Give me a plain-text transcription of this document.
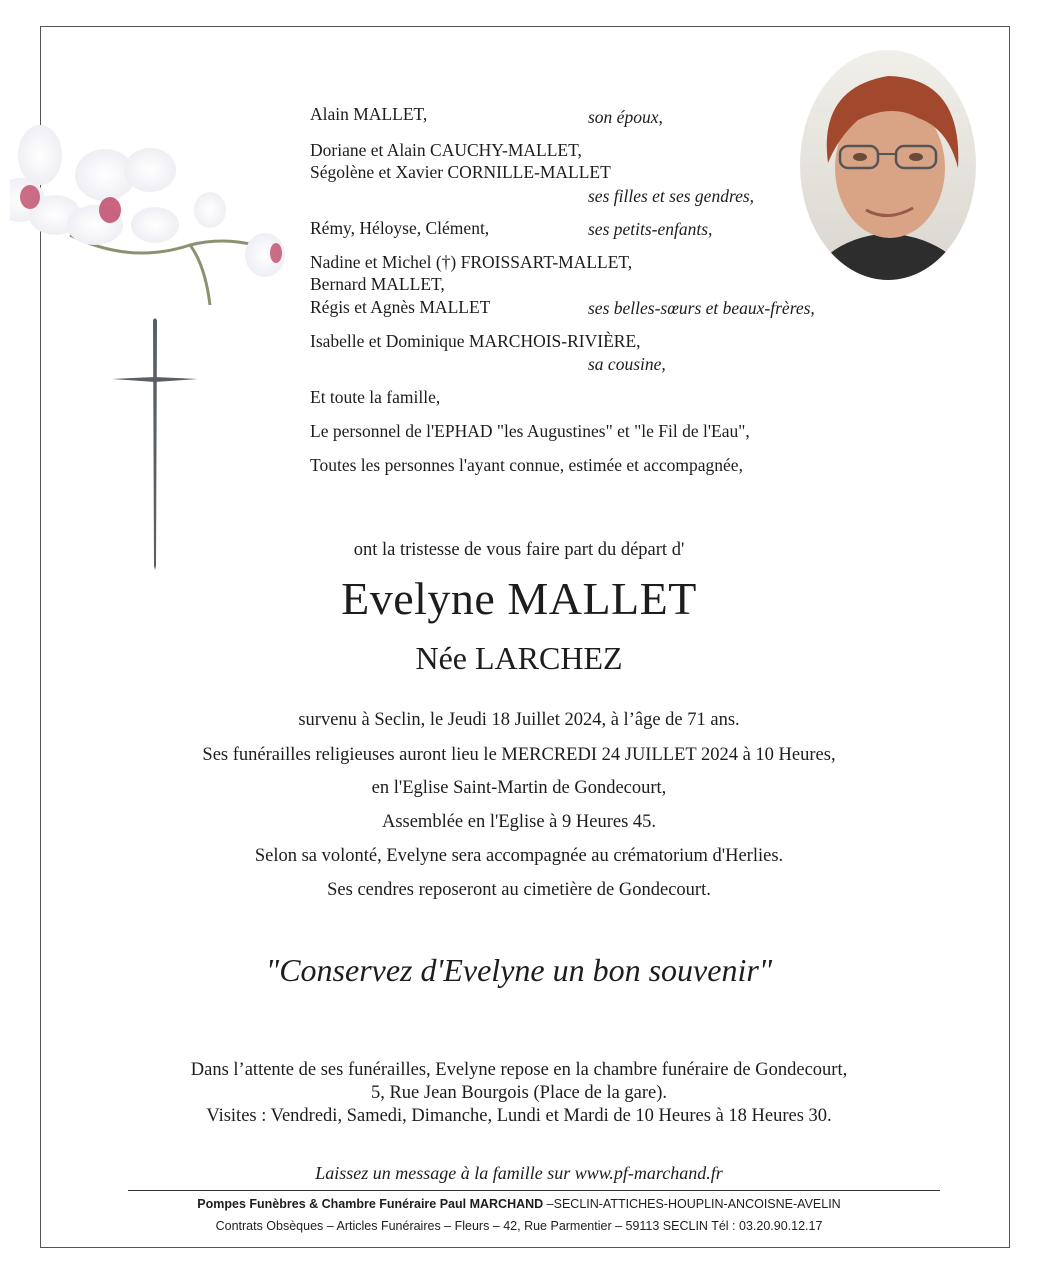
Alain MALLET,	son époux,
Doriane et Alain CAUCHY-MALLET,
Ségolène et Xavier CORNILLE-MALLET
ses filles et ses gendres,
Rémy, Héloyse, Clément,	ses petits-enfants,
Nadine et Michel (†) FROISSART-MALLET,
Bernard MALLET,
Régis et Agnès MALLET	ses belles-sœurs et beaux-frères,
Isabelle et Dominique MARCHOIS-RIVIÈRE,
sa cousine,
Et toute la famille,
Le personnel de l'EPHAD "les Augustines" et "le Fil de l'Eau",
Toutes les personnes l'ayant connue, estimée et accompagnée,
ont la tristesse de vous faire part du départ d'
Evelyne MALLET
Née LARCHEZ
survenu à Seclin, le Jeudi 18 Juillet 2024, à l’âge de 71 ans.
Ses funérailles religieuses auront lieu le MERCREDI 24 JUILLET 2024 à 10 Heures,
en l'Eglise Saint-Martin de Gondecourt,
Assemblée en l'Eglise à 9 Heures 45.
Selon sa volonté, Evelyne sera accompagnée au crématorium d'Herlies.
Ses cendres reposeront au cimetière de Gondecourt.
"Conservez d'Evelyne un bon souvenir"
Dans l’attente de ses funérailles, Evelyne repose en la chambre funéraire de Gondecourt,
5, Rue Jean Bourgois (Place de la gare).
Visites : Vendredi, Samedi, Dimanche, Lundi et Mardi de 10 Heures à 18 Heures 30.
Laissez un message à la famille sur www.pf-marchand.fr
Pompes Funèbres & Chambre Funéraire Paul MARCHAND –SECLIN-ATTICHES-HOUPLIN-ANCOISNE-AVELIN
Contrats Obsèques – Articles Funéraires – Fleurs – 42, Rue Parmentier – 59113 SECLIN Tél : 03.20.90.12.17
